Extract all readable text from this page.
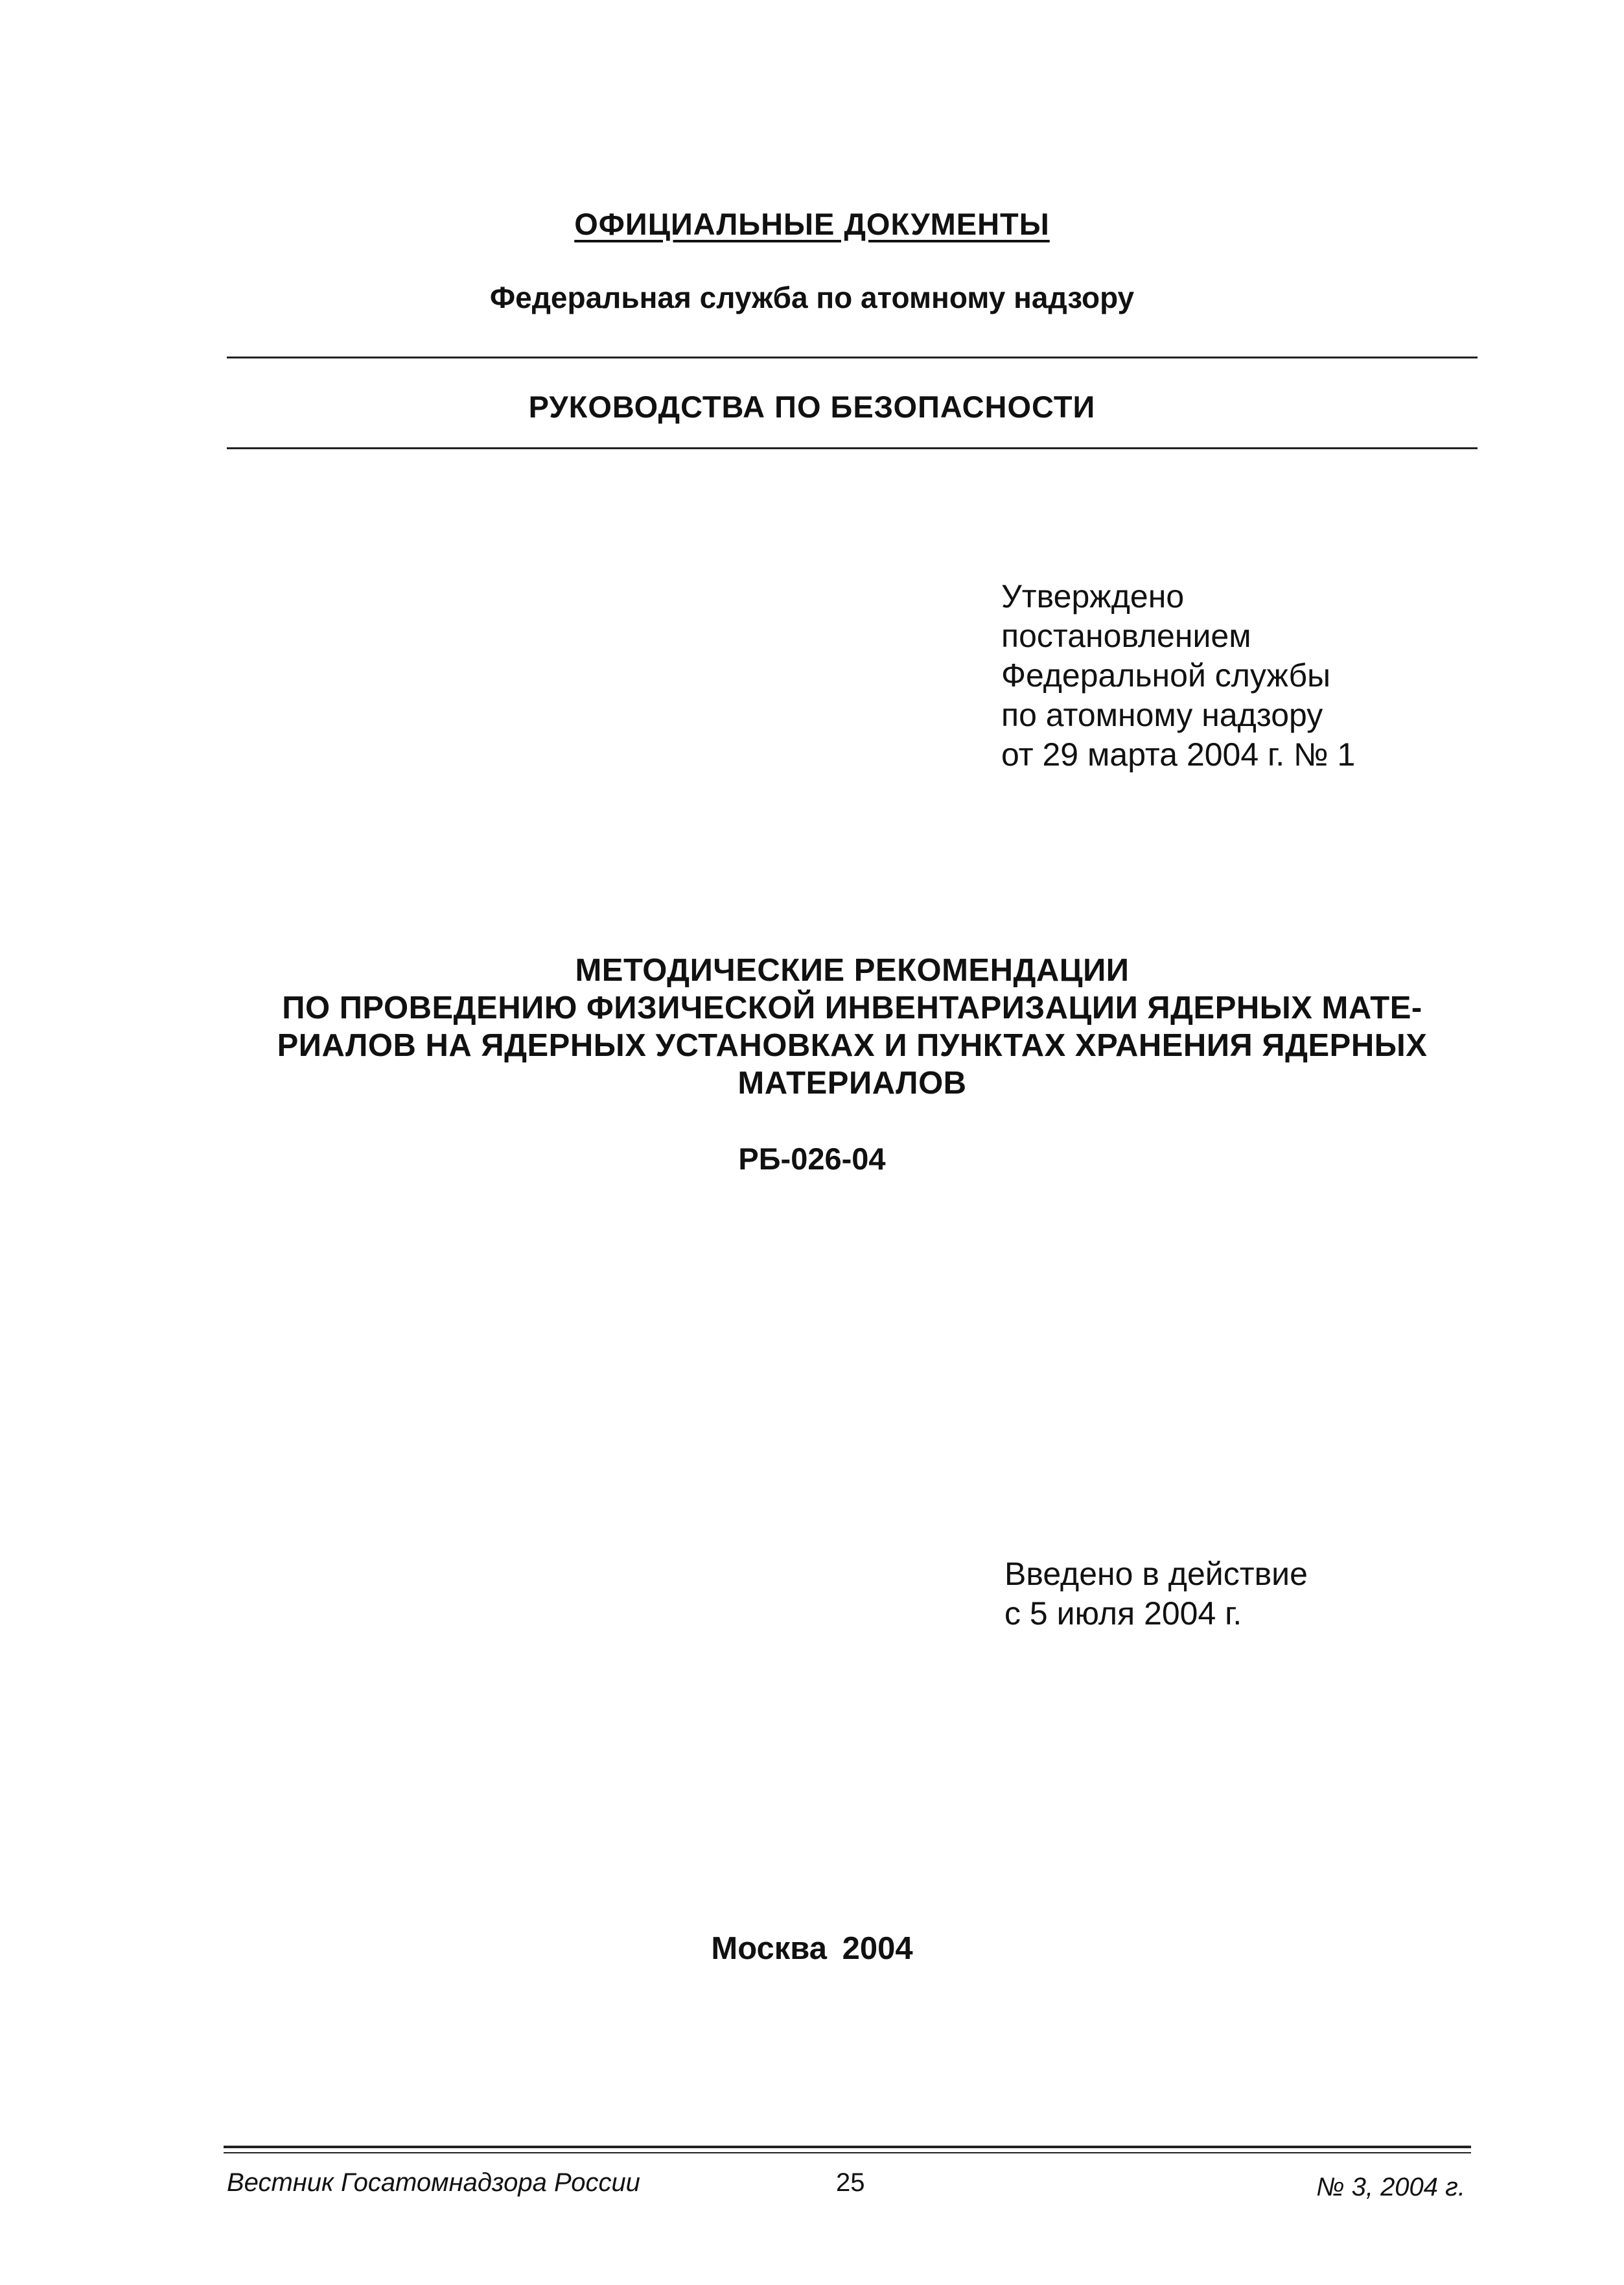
ОФИЦИАЛЬНЫЕ ДОКУМЕНТЫ
Федеральная служба по атомному надзору
РУКОВОДСТВА ПО БЕЗОПАСНОСТИ
Утверждено
постановлением
Федеральной службы
по атомному надзору
от 29 марта 2004 г. № 1
МЕТОДИЧЕСКИЕ РЕКОМЕНДАЦИИ
ПО ПРОВЕДЕНИЮ ФИЗИЧЕСКОЙ ИНВЕНТАРИЗАЦИИ ЯДЕРНЫХ МАТЕ-
РИАЛОВ НА ЯДЕРНЫХ УСТАНОВКАХ И ПУНКТАХ ХРАНЕНИЯ ЯДЕРНЫХ
МАТЕРИАЛОВ
РБ-026-04
Введено в действие
с 5 июля 2004 г.
Москва 2004
Вестник Госатомнадзора России	25	№ 3, 2004 г.
